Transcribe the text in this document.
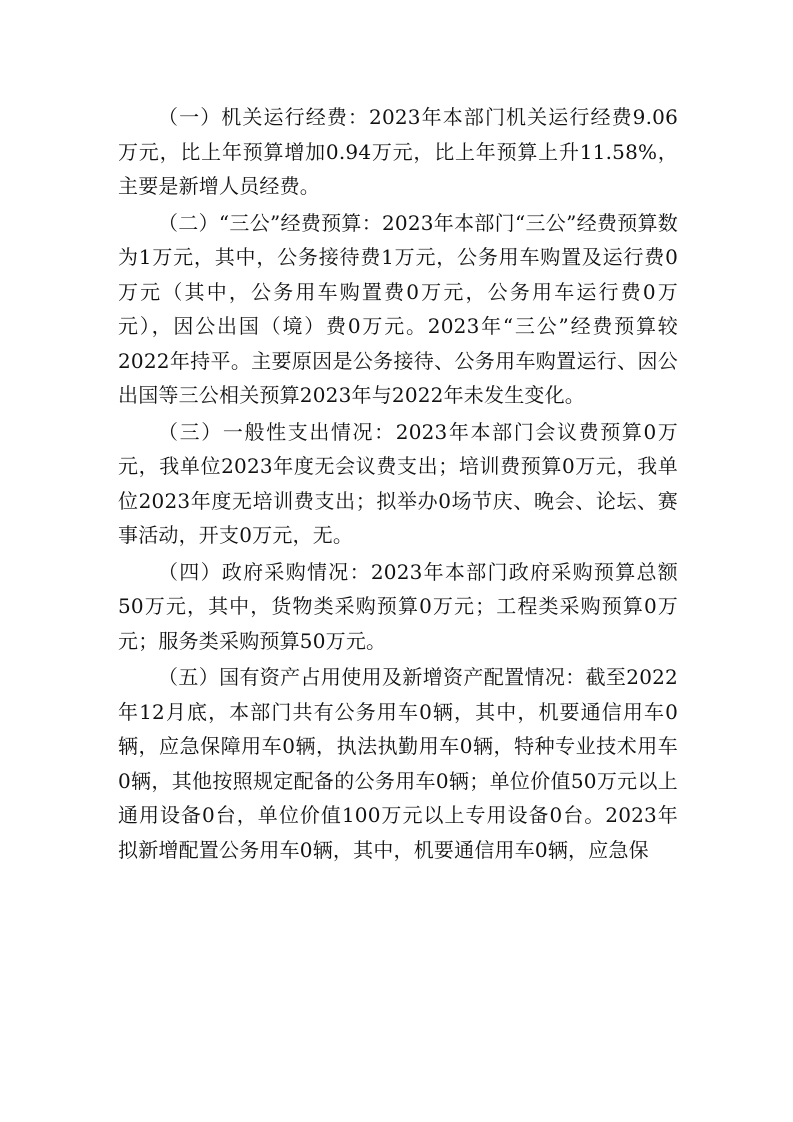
（一）机关运行经费：2023年本部门机关运行经费9.06万元，比上年预算增加0.94万元，比上年预算上升11.58%，主要是新增人员经费。

（二）“三公”经费预算：2023年本部门“三公”经费预算数为1万元，其中，公务接待费1万元，公务用车购置及运行费0万元（其中，公务用车购置费0万元，公务用车运行费0万元），因公出国（境）费0万元。2023年“三公”经费预算较2022年持平。主要原因是公务接待、公务用车购置运行、因公出国等三公相关预算2023年与2022年未发生变化。

（三）一般性支出情况：2023年本部门会议费预算0万元，我单位2023年度无会议费支出；培训费预算0万元，我单位2023年度无培训费支出；拟举办0场节庆、晚会、论坛、赛事活动，开支0万元，无。

（四）政府采购情况：2023年本部门政府采购预算总额50万元，其中，货物类采购预算0万元；工程类采购预算0万元；服务类采购预算50万元。

（五）国有资产占用使用及新增资产配置情况：截至2022年12月底，本部门共有公务用车0辆，其中，机要通信用车0辆，应急保障用车0辆，执法执勤用车0辆，特种专业技术用车0辆，其他按照规定配备的公务用车0辆；单位价值50万元以上通用设备0台，单位价值100万元以上专用设备0台。2023年拟新增配置公务用车0辆，其中，机要通信用车0辆，应急保
